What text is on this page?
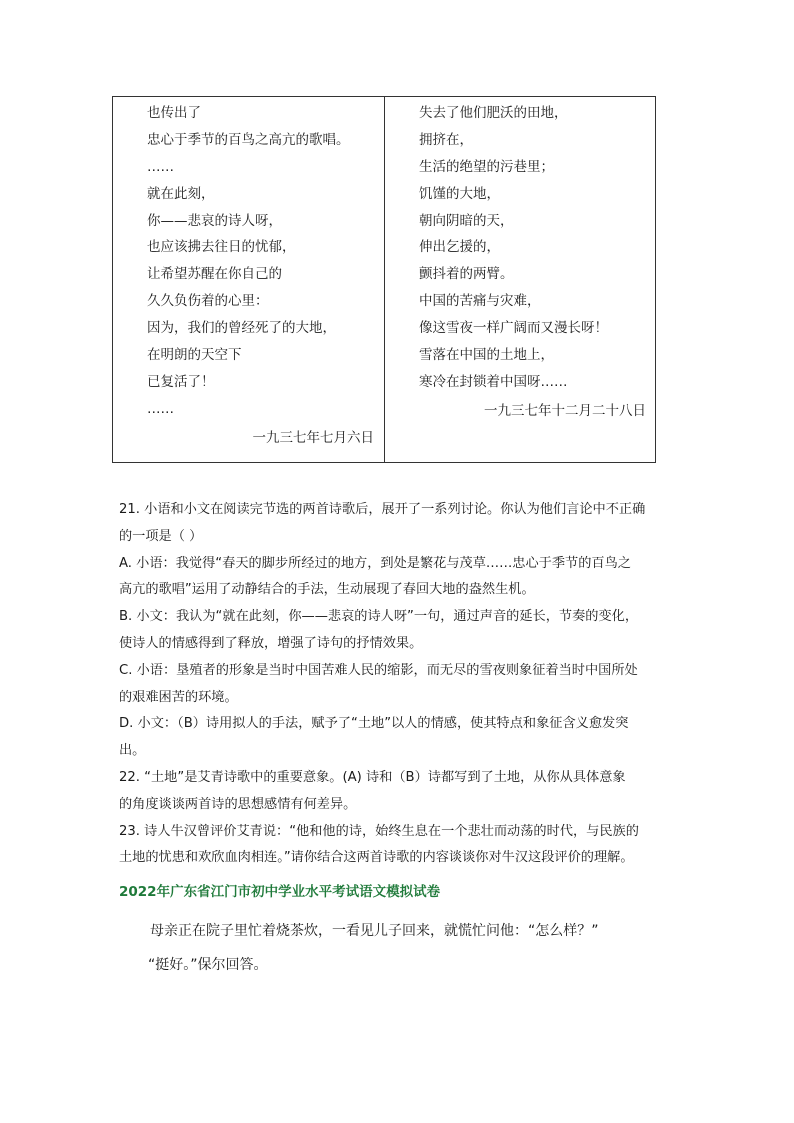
也传出了
忠心于季节的百鸟之高亢的歌唱。
……
就在此刻，
你——悲哀的诗人呀，
也应该拂去往日的忧郁，
让希望苏醒在你自己的
久久负伤着的心里：
因为，我们的曾经死了的大地，
在明朗的天空下
已复活了！
……
一九三七年七月六日
失去了他们肥沃的田地，
拥挤在，
生活的绝望的污巷里；
饥馑的大地，
朝向阴暗的天，
伸出乞援的，
颤抖着的两臂。
中国的苦痛与灾难，
像这雪夜一样广阔而又漫长呀！
雪落在中国的土地上，
寒冷在封锁着中国呀……
一九三七年十二月二十八日
21. 小语和小文在阅读完节选的两首诗歌后，展开了一系列讨论。你认为他们言论中不正确
的一项是（ ）
A. 小语：我觉得“春天的脚步所经过的地方，到处是繁花与茂草……忠心于季节的百鸟之
高亢的歌唱”运用了动静结合的手法，生动展现了春回大地的盎然生机。
B. 小文：我认为“就在此刻，你——悲哀的诗人呀”一句，通过声音的延长，节奏的变化，
使诗人的情感得到了释放，增强了诗句的抒情效果。
C. 小语：垦殖者的形象是当时中国苦难人民的缩影，而无尽的雪夜则象征着当时中国所处
的艰难困苦的环境。
D. 小文：（B）诗用拟人的手法，赋予了“土地”以人的情感，使其特点和象征含义愈发突
出。
22. “土地”是艾青诗歌中的重要意象。(A) 诗和（B）诗都写到了土地，从你从具体意象
的角度谈谈两首诗的思想感情有何差异。
23. 诗人牛汉曾评价艾青说：“他和他的诗，始终生息在一个悲壮而动荡的时代，与民族的
土地的忧患和欢欣血肉相连。”请你结合这两首诗歌的内容谈谈你对牛汉这段评价的理解。
2022年广东省江门市初中学业水平考试语文模拟试卷
母亲正在院子里忙着烧茶炊，一看见儿子回来，就慌忙问他：“怎么样？”
“挺好。”保尔回答。
